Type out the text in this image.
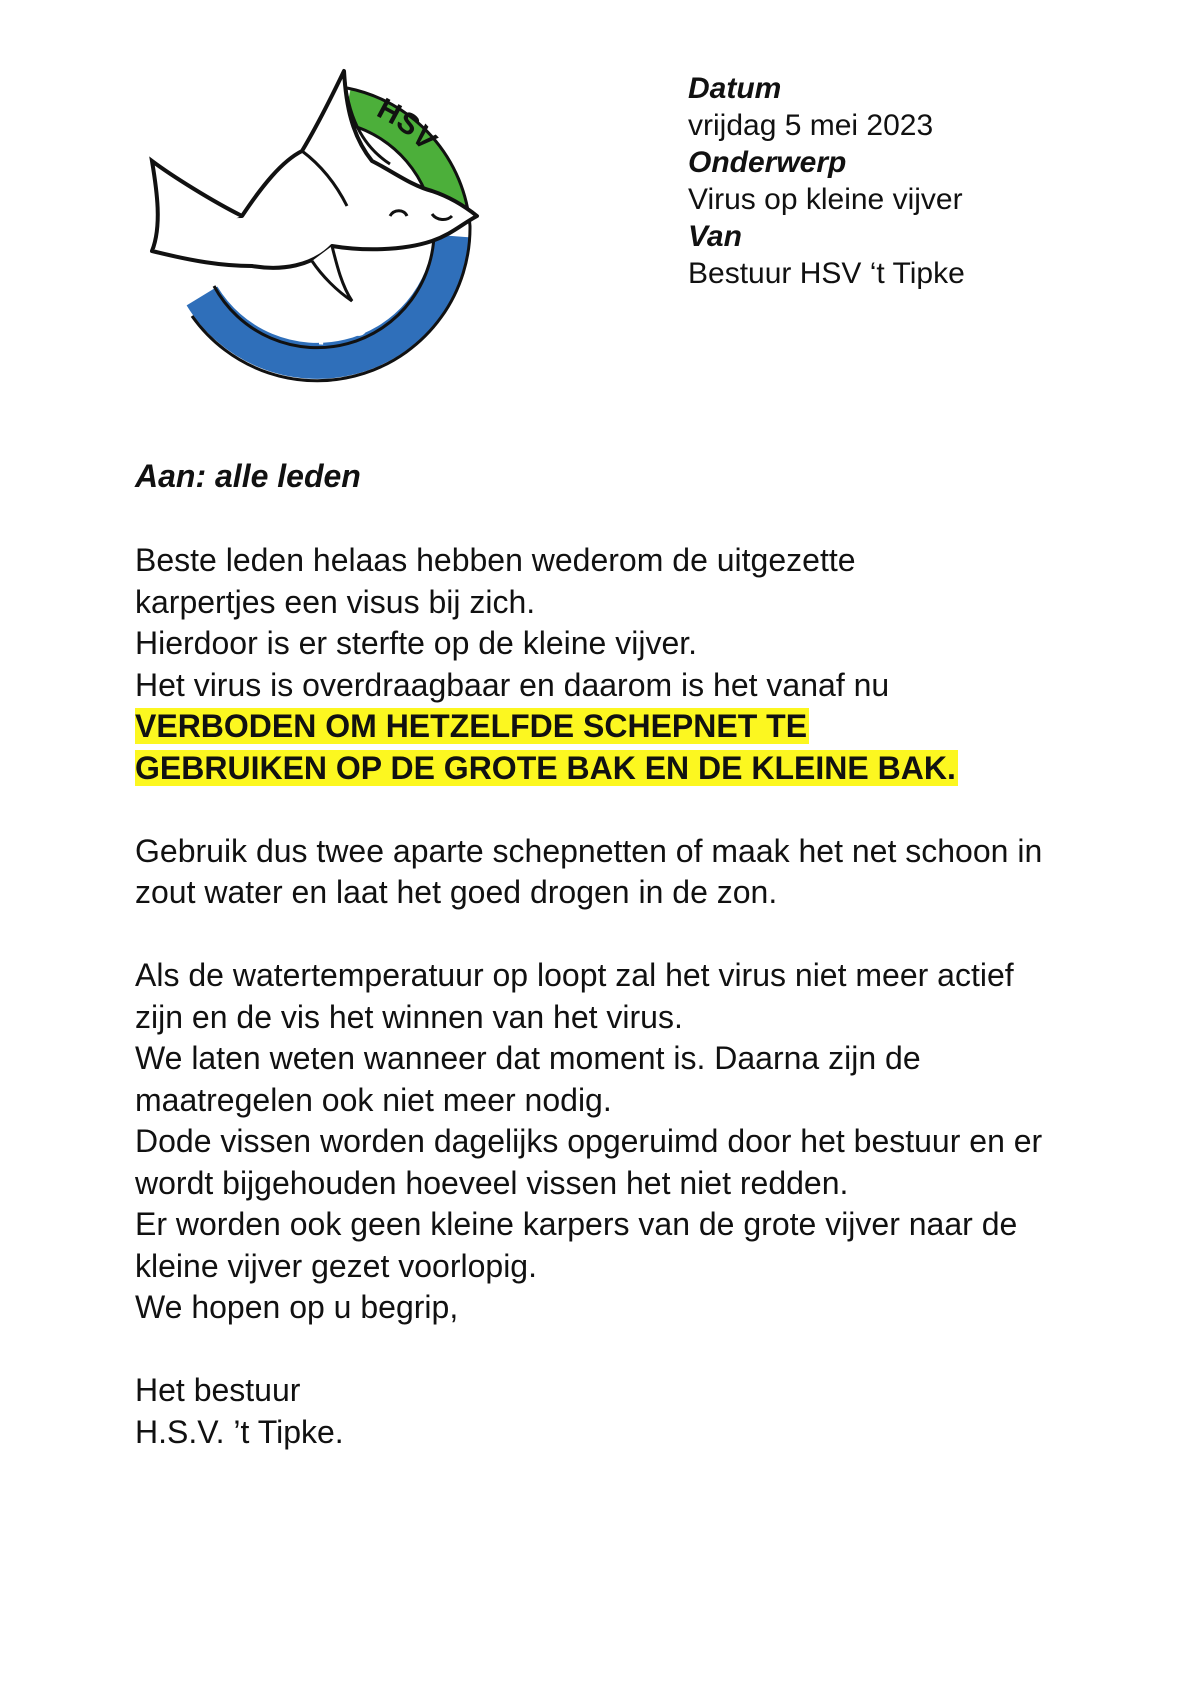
HSV
't Tipke
Datum
vrijdag 5 mei 2023
Onderwerp
Virus op kleine vijver
Van
Bestuur HSV ‘t Tipke
Aan: alle leden

Beste leden helaas hebben wederom de uitgezette

karpertjes een visus bij zich.

Hierdoor is er sterfte op de kleine vijver.

Het virus is overdraagbaar en daarom is het vanaf nu

VERBODEN OM HETZELFDE SCHEPNET TE GEBRUIKEN OP DE GROTE BAK EN DE KLEINE BAK.

Gebruik dus twee aparte schepnetten of maak het net schoon in zout water en laat het goed drogen in de zon.

Als de watertemperatuur op loopt zal het virus niet meer actief zijn en de vis het winnen van het virus.

We laten weten wanneer dat moment is. Daarna zijn de maatregelen ook niet meer nodig.

Dode vissen worden dagelijks opgeruimd door het bestuur en er wordt bijgehouden hoeveel vissen het niet redden.

Er worden ook geen kleine karpers van de grote vijver naar de kleine vijver gezet voorlopig.

We hopen op u begrip,

Het bestuur

H.S.V. ’t Tipke.
